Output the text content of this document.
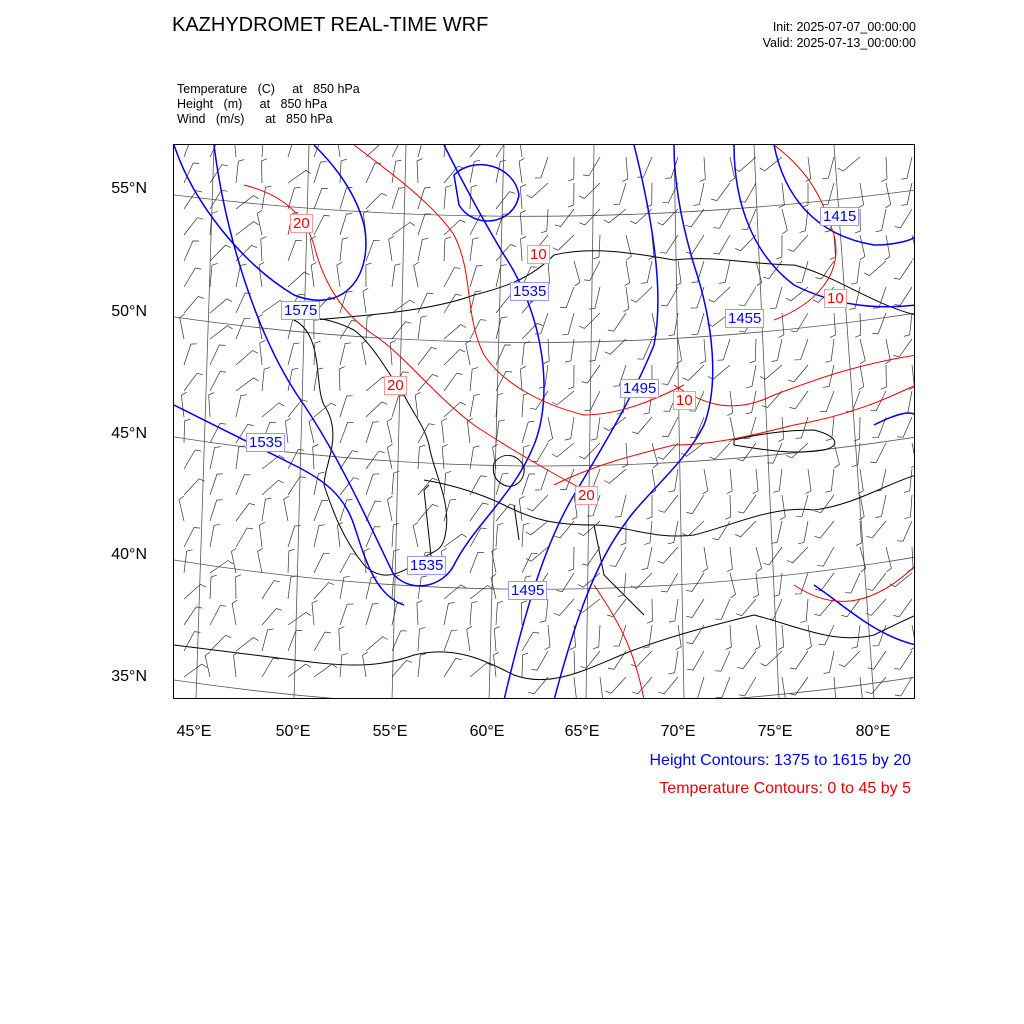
KAZHYDROMET REAL-TIME WRF	Init: 2025-07-07_00:00:00
Valid: 2025-07-13_00:00:00
Temperature   (C)     at   850 hPa
Height   (m)     at   850 hPa
Wind   (m/s)      at   850 hPa
1575
1535
1535
1535
1495
1495
1455
1415
20
10
20
10
20
10
55°N
50°N
45°N
40°N
35°N
45°E	50°E	55°E	60°E	65°E	70°E	75°E	80°E
Height Contours: 1375 to 1615 by 20
Temperature Contours: 0 to 45 by 5
